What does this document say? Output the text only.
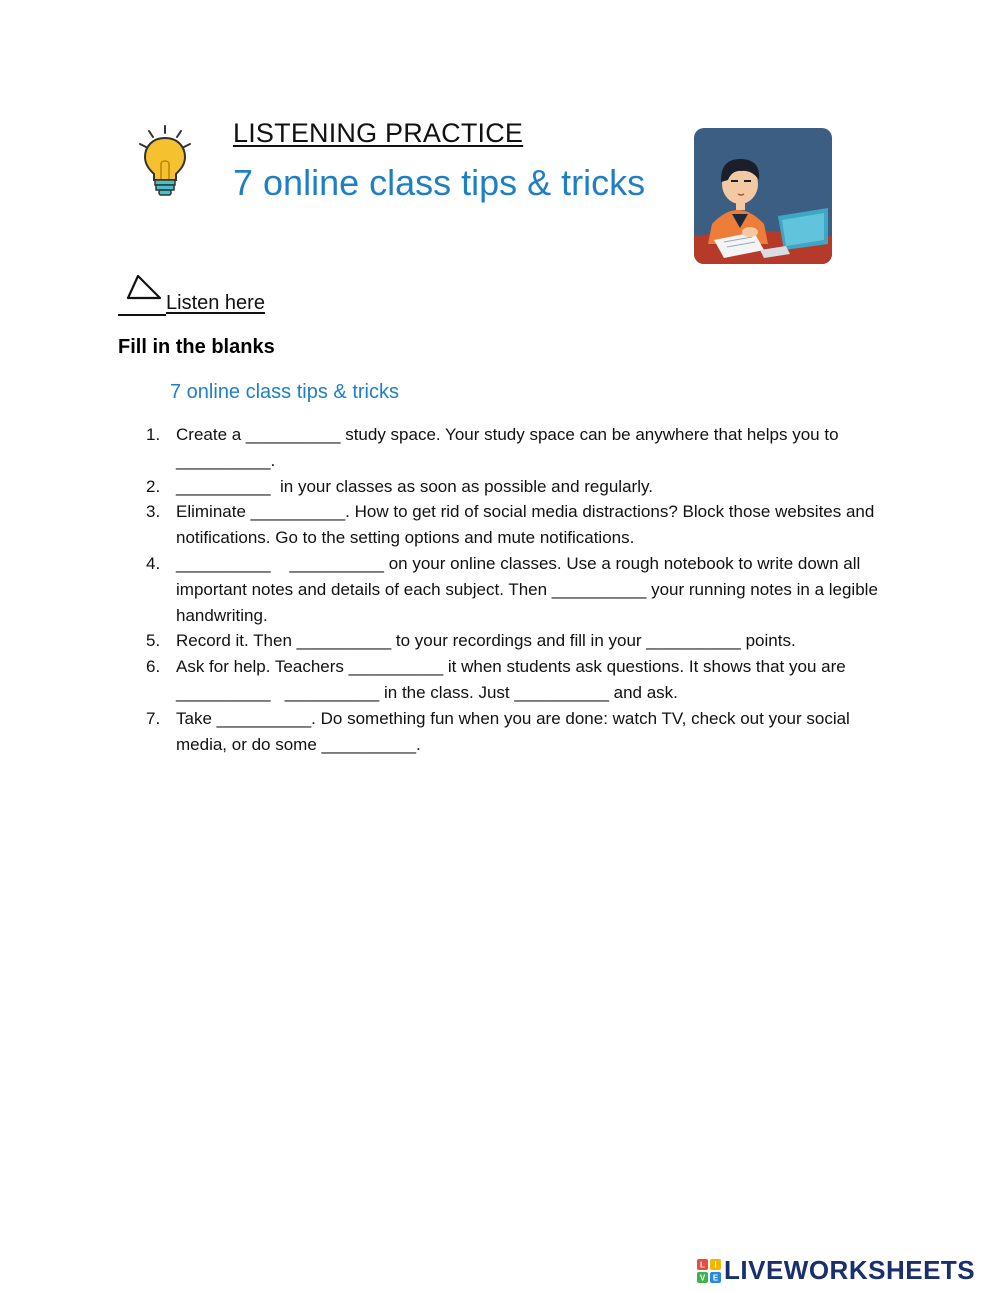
LISTENING PRACTICE
7 online class tips & tricks
Listen here
Fill in the blanks
7 online class tips & tricks
1. Create a __________ study space. Your study space can be anywhere that helps you to __________.
2. __________  in your classes as soon as possible and regularly.
3. Eliminate __________. How to get rid of social media distractions? Block those websites and notifications. Go to the setting options and mute notifications.
4. __________    __________ on your online classes. Use a rough notebook to write down all important notes and details of each subject. Then __________ your running notes in a legible handwriting.
5. Record it. Then __________ to your recordings and fill in your __________ points.
6. Ask for help. Teachers __________ it when students ask questions. It shows that you are __________   __________ in the class. Just __________ and ask.
7. Take __________. Do something fun when you are done: watch TV, check out your social media, or do some __________.
L I
V E LIVEWORKSHEETS
